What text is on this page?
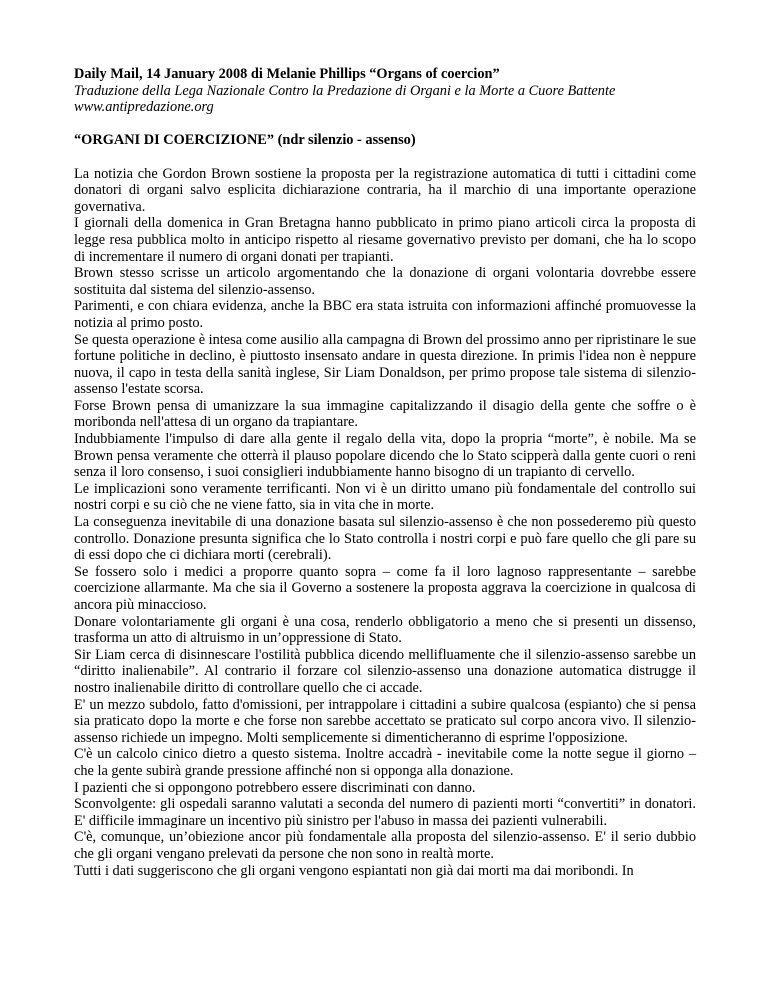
Daily Mail, 14 January 2008 di Melanie Phillips “Organs of coercion”

Traduzione della Lega Nazionale Contro la Predazione di Organi e la Morte a Cuore Battente

www.antipredazione.org

“ORGANI DI COERCIZIONE” (ndr silenzio - assenso)

La notizia che Gordon Brown sostiene la proposta per la registrazione automatica di tutti i cittadini come donatori di organi salvo esplicita dichiarazione contraria, ha il marchio di una importante operazione governativa.

I giornali della domenica in Gran Bretagna hanno pubblicato in primo piano articoli circa la proposta di legge resa pubblica molto in anticipo rispetto al riesame governativo previsto per domani, che ha lo scopo di incrementare il numero di organi donati per trapianti.

Brown stesso scrisse un articolo argomentando che la donazione di organi volontaria dovrebbe essere sostituita dal sistema del silenzio-assenso.

Parimenti, e con chiara evidenza, anche la BBC era stata istruita con informazioni affinché promuovesse la notizia al primo posto.

Se questa operazione è intesa come ausilio alla campagna di Brown del prossimo anno per ripristinare le sue fortune politiche in declino, è piuttosto insensato andare in questa direzione. In primis l'idea non è neppure nuova, il capo in testa della sanità inglese, Sir Liam Donaldson, per primo propose tale sistema di silenzio-assenso l'estate scorsa.

Forse Brown pensa di umanizzare la sua immagine capitalizzando il disagio della gente che soffre o è moribonda nell'attesa di un organo da trapiantare.

Indubbiamente l'impulso di dare alla gente il regalo della vita, dopo la propria “morte”, è nobile. Ma se Brown pensa veramente che otterrà il plauso popolare dicendo che lo Stato scipperà dalla gente cuori o reni senza il loro consenso, i suoi consiglieri indubbiamente hanno bisogno di un trapianto di cervello.

Le implicazioni sono veramente terrificanti. Non vi è un diritto umano più fondamentale del controllo sui nostri corpi e su ciò che ne viene fatto, sia in vita che in morte.

La conseguenza inevitabile di una donazione basata sul silenzio-assenso è che non possederemo più questo controllo. Donazione presunta significa che lo Stato controlla i nostri corpi e può fare quello che gli pare su di essi dopo che ci dichiara morti (cerebrali).

Se fossero solo i medici a proporre quanto sopra – come fa il loro lagnoso rappresentante – sarebbe coercizione allarmante. Ma che sia il Governo a sostenere la proposta aggrava la coercizione in qualcosa di ancora più minaccioso.

Donare volontariamente gli organi è una cosa, renderlo obbligatorio a meno che si presenti un dissenso, trasforma un atto di altruismo in un’oppressione di Stato.

Sir Liam cerca di disinnescare l'ostilità pubblica dicendo mellifluamente che il silenzio-assenso sarebbe un “diritto inalienabile”. Al contrario il forzare col silenzio-assenso una donazione automatica distrugge il nostro inalienabile diritto di controllare quello che ci accade.

E' un mezzo subdolo, fatto d'omissioni, per intrappolare i cittadini a subire qualcosa (espianto) che si pensa sia praticato dopo la morte e che forse non sarebbe accettato se praticato sul corpo ancora vivo. Il silenzio-assenso richiede un impegno. Molti semplicemente si dimenticheranno di esprime l'opposizione.

C'è un calcolo cinico dietro a questo sistema. Inoltre accadrà - inevitabile come la notte segue il giorno – che la gente subirà grande pressione affinché non si opponga alla donazione.

I pazienti che si oppongono potrebbero essere discriminati con danno.

Sconvolgente: gli ospedali saranno valutati a seconda del numero di pazienti morti “convertiti” in donatori. E' difficile immaginare un incentivo più sinistro per l'abuso in massa dei pazienti vulnerabili.

C'è, comunque, un’obiezione ancor più fondamentale alla proposta del silenzio-assenso. E' il serio dubbio che gli organi vengano prelevati da persone che non sono in realtà morte.

Tutti i dati suggeriscono che gli organi vengono espiantati non già dai morti ma dai moribondi. In
